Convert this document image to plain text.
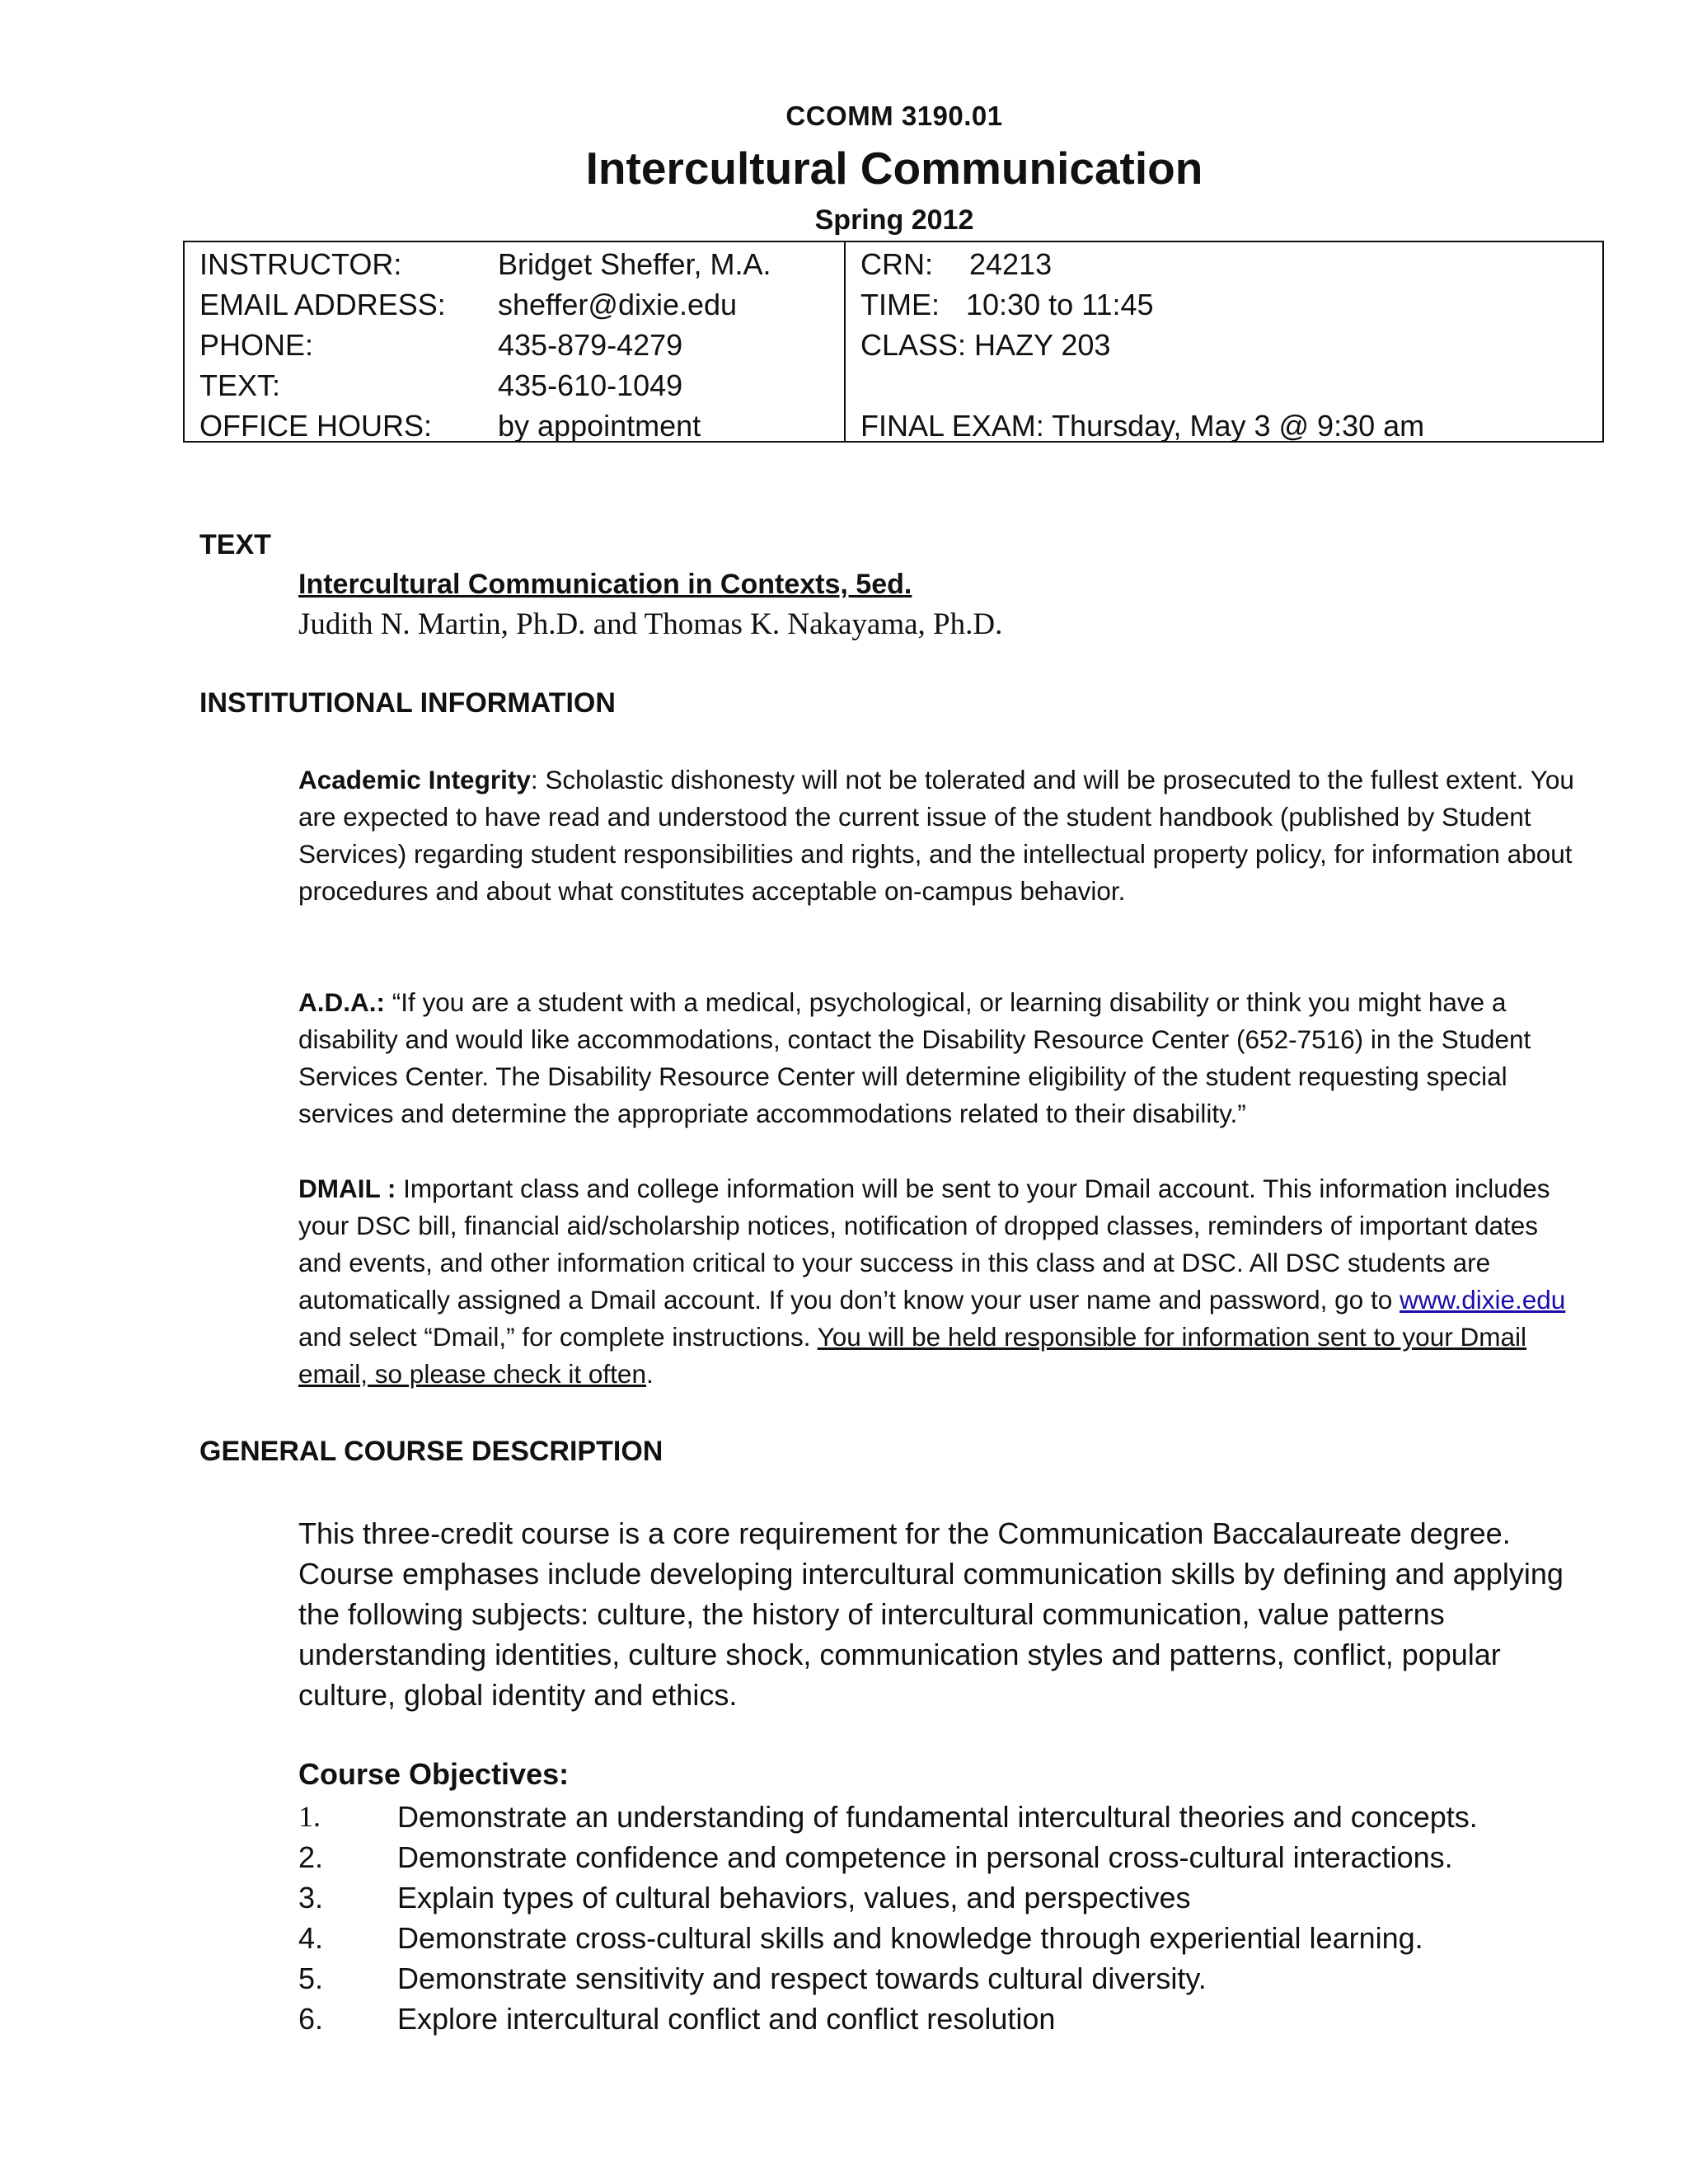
CCOMM 3190.01
Intercultural Communication
Spring 2012
INSTRUCTOR:	Bridget Sheffer, M.A.
EMAIL ADDRESS: sheffer@dixie.edu
PHONE:	435-879-4279
TEXT:	435-610-1049
OFFICE HOURS: by appointment
CRN: 24213
TIME: 10:30 to 11:45
CLASS: HAZY 203
FINAL EXAM: Thursday, May 3 @ 9:30 am
TEXT
Intercultural Communication in Contexts, 5ed.
Judith N. Martin, Ph.D. and Thomas K. Nakayama, Ph.D.
INSTITUTIONAL INFORMATION
Academic Integrity: Scholastic dishonesty will not be tolerated and will be prosecuted to the fullest extent. You are expected to have read and understood the current issue of the student handbook (published by Student Services) regarding student responsibilities and rights, and the intellectual property policy, for information about procedures and about what constitutes acceptable on-campus behavior.
A.D.A.: “If you are a student with a medical, psychological, or learning disability or think you might have a disability and would like accommodations, contact the Disability Resource Center (652-7516) in the Student Services Center. The Disability Resource Center will determine eligibility of the student requesting special services and determine the appropriate accommodations related to their disability.”
DMAIL : Important class and college information will be sent to your Dmail account. This information includes your DSC bill, financial aid/scholarship notices, notification of dropped classes, reminders of important dates and events, and other information critical to your success in this class and at DSC. All DSC students are automatically assigned a Dmail account. If you don’t know your user name and password, go to www.dixie.edu and select “Dmail,” for complete instructions. You will be held responsible for information sent to your Dmail email, so please check it often.
GENERAL COURSE DESCRIPTION
This three-credit course is a core requirement for the Communication Baccalaureate degree. Course emphases include developing intercultural communication skills by defining and applying the following subjects: culture, the history of intercultural communication, value patterns understanding identities, culture shock, communication styles and patterns, conflict, popular culture, global identity and ethics.
Course Objectives:
1.	Demonstrate an understanding of fundamental intercultural theories and concepts.
2. Demonstrate confidence and competence in personal cross-cultural interactions.
3. Explain types of cultural behaviors, values, and perspectives
4. Demonstrate cross-cultural skills and knowledge through experiential learning.
5. Demonstrate sensitivity and respect towards cultural diversity.
6. Explore intercultural conflict and conflict resolution
